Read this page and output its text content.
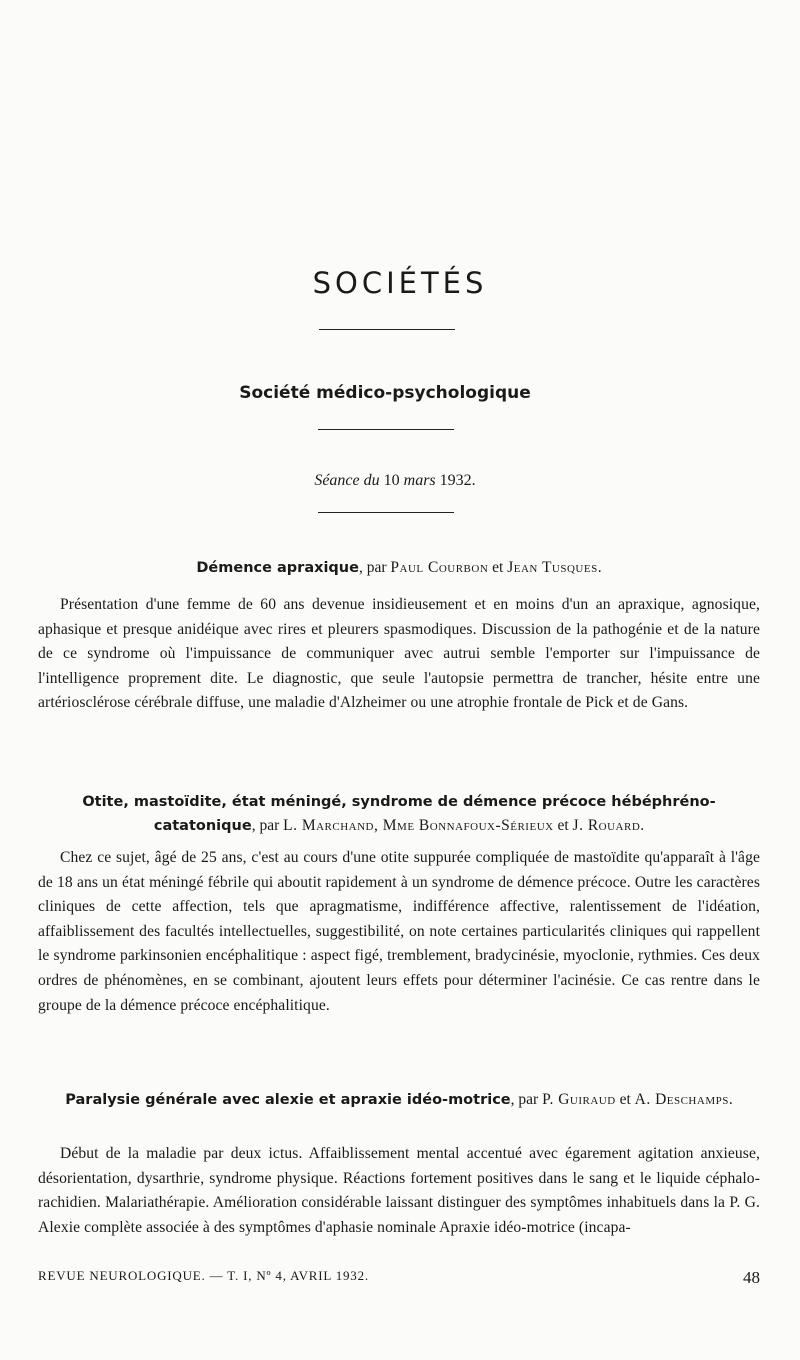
SOCIÉTÉS
Société médico-psychologique

Séance du 10 mars 1932.

Démence apraxique, par Paul Courbon et Jean Tusques.

Présentation d'une femme de 60 ans devenue insidieusement et en moins d'un an apraxique, agnosique, aphasique et presque anidéique avec rires et pleurers spasmodiques. Discussion de la pathogénie et de la nature de ce syndrome où l'impuissance de communiquer avec autrui semble l'emporter sur l'impuissance de l'intelligence proprement dite. Le diagnostic, que seule l'autopsie permettra de trancher, hésite entre une artériosclérose cérébrale diffuse, une maladie d'Alzheimer ou une atrophie frontale de Pick et de Gans.

Otite, mastoïdite, état méningé, syndrome de démence précoce hébéphréno-catatonique, par L. Marchand, Mme Bonnafoux-Sérieux et J. Rouard.

Chez ce sujet, âgé de 25 ans, c'est au cours d'une otite suppurée compliquée de mastoïdite qu'apparaît à l'âge de 18 ans un état méningé fébrile qui aboutit rapidement à un syndrome de démence précoce. Outre les caractères cliniques de cette affection, tels que apragmatisme, indifférence affective, ralentissement de l'idéation, affaiblissement des facultés intellectuelles, suggestibilité, on note certaines particularités cliniques qui rappellent le syndrome parkinsonien encéphalitique : aspect figé, tremblement, bradycinésie, myoclonie, rythmies. Ces deux ordres de phénomènes, en se combinant, ajoutent leurs effets pour déterminer l'acinésie. Ce cas rentre dans le groupe de la démence précoce encéphalitique.

Paralysie générale avec alexie et apraxie idéo-motrice, par P. Guiraud et A. Deschamps.

Début de la maladie par deux ictus. Affaiblissement mental accentué avec égarement agitation anxieuse, désorientation, dysarthrie, syndrome physique. Réactions fortement positives dans le sang et le liquide céphalo-rachidien. Malariathérapie. Amélioration considérable laissant distinguer des symptômes inhabituels dans la P. G. Alexie complète associée à des symptômes d'aphasie nominale Apraxie idéo-motrice (incapa-

REVUE NEUROLOGIQUE. — T. I, Nº 4, AVRIL 1932.	48
